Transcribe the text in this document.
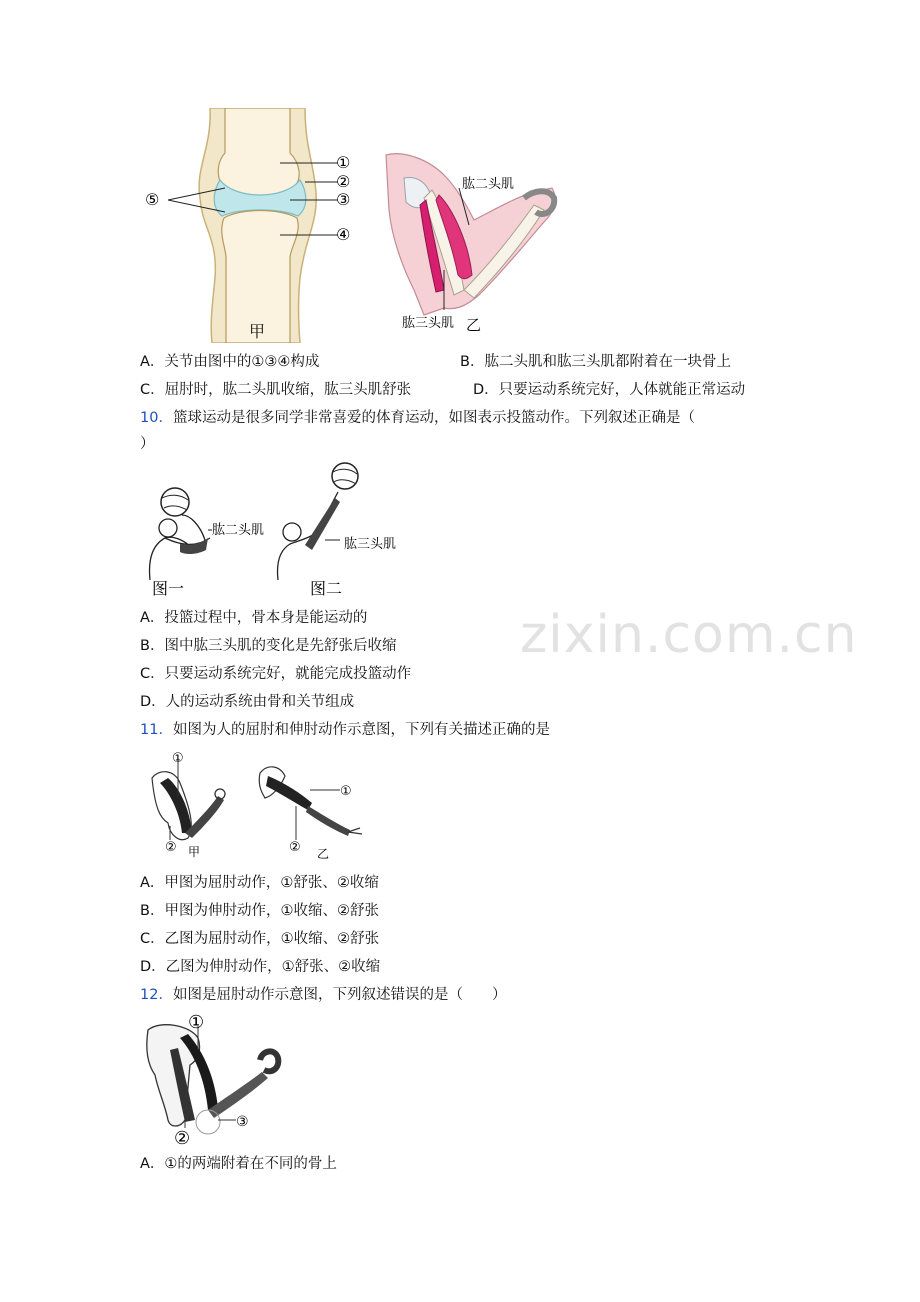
zixin.com.cn
①
②
③
④
⑤
甲
肱二头肌
肱三头肌 乙
A．关节由图中的①③④构成	B．肱二头肌和肱三头肌都附着在一块骨上
C．屈肘时，肱二头肌收缩，肱三头肌舒张	D．只要运动系统完好，人体就能正常运动
10．篮球运动是很多同学非常喜爱的体育运动，如图表示投篮动作。下列叙述正确是（
）
肱二头肌
肱三头肌
图一	图二
A．投篮过程中，骨本身是能运动的
B．图中肱三头肌的变化是先舒张后收缩
C．只要运动系统完好，就能完成投篮动作
D．人的运动系统由骨和关节组成
11．如图为人的屈肘和伸肘动作示意图，下列有关描述正确的是
①
② 甲
①
② 乙
A．甲图为屈肘动作，①舒张、②收缩
B．甲图为伸肘动作，①收缩、②舒张
C．乙图为屈肘动作，①收缩、②舒张
D．乙图为伸肘动作，①舒张、②收缩
12．如图是屈肘动作示意图，下列叙述错误的是（　　）
①
②
③
A．①的两端附着在不同的骨上
